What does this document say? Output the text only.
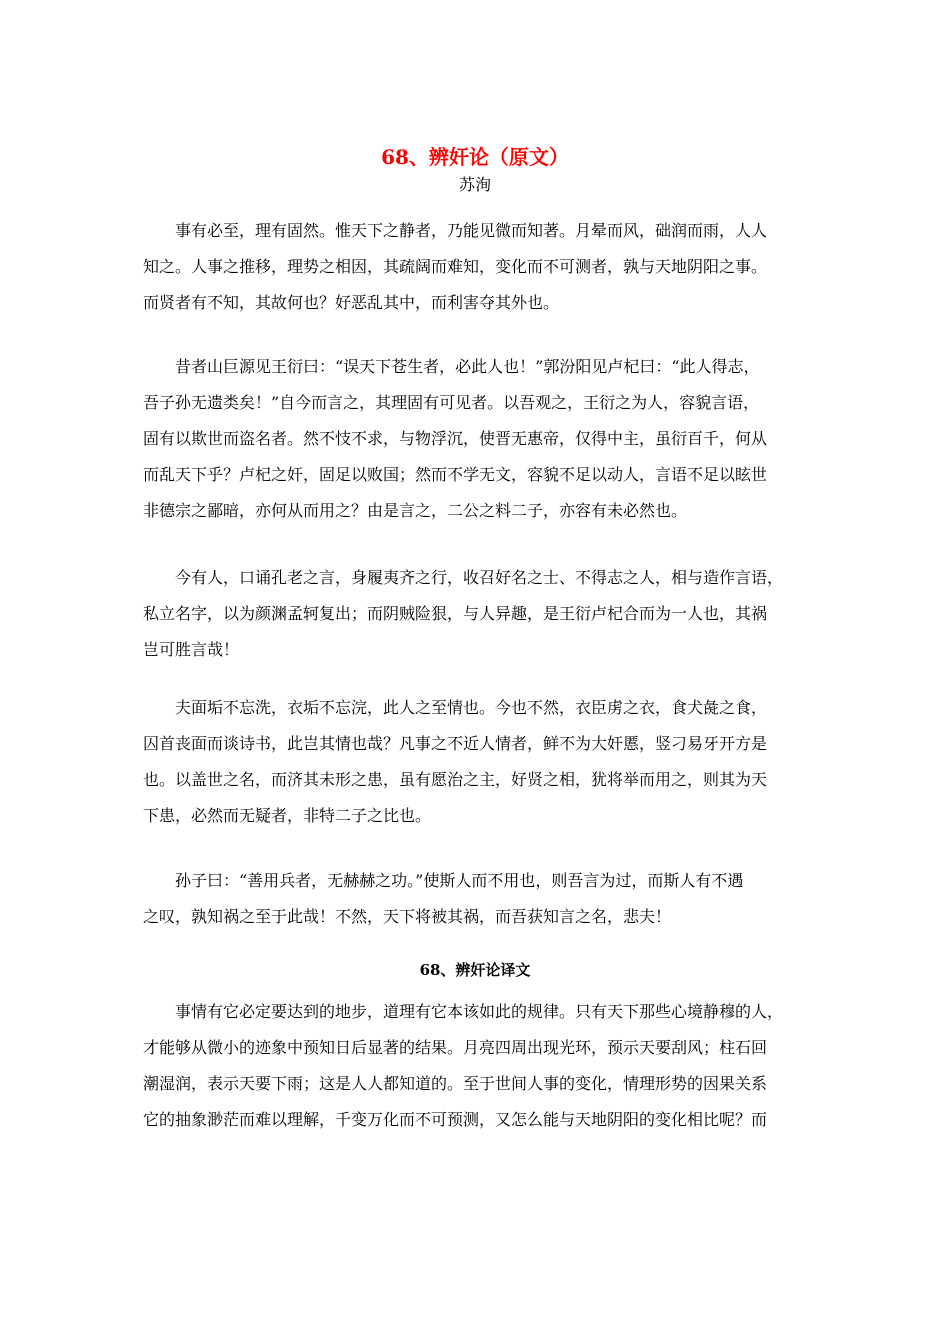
68、辨奸论（原文）
苏洵
事有必至，理有固然。惟天下之静者，乃能见微而知著。月晕而风，础润而雨，人人
知之。人事之推移，理势之相因，其疏阔而难知，变化而不可测者，孰与天地阴阳之事。
而贤者有不知，其故何也？好恶乱其中，而利害夺其外也。
昔者山巨源见王衍曰：“误天下苍生者，必此人也！”郭汾阳见卢杞曰：“此人得志，
吾子孙无遗类矣！”自今而言之，其理固有可见者。以吾观之，王衍之为人，容貌言语，
固有以欺世而盗名者。然不忮不求，与物浮沉，使晋无惠帝，仅得中主，虽衍百千，何从
而乱天下乎？卢杞之奸，固足以败国；然而不学无文，容貌不足以动人，言语不足以眩世
非德宗之鄙暗，亦何从而用之？由是言之，二公之料二子，亦容有未必然也。
今有人，口诵孔老之言，身履夷齐之行，收召好名之士、不得志之人，相与造作言语，
私立名字，以为颜渊孟轲复出；而阴贼险狠，与人异趣，是王衍卢杞合而为一人也，其祸
岂可胜言哉！
夫面垢不忘洗，衣垢不忘浣，此人之至情也。今也不然，衣臣虏之衣，食犬彘之食，
囚首丧面而谈诗书，此岂其情也哉？凡事之不近人情者，鲜不为大奸慝，竖刁易牙开方是
也。以盖世之名，而济其未形之患，虽有愿治之主，好贤之相，犹将举而用之，则其为天
下患，必然而无疑者，非特二子之比也。
孙子曰：“善用兵者，无赫赫之功。”使斯人而不用也，则吾言为过，而斯人有不遇
之叹，孰知祸之至于此哉！不然，天下将被其祸，而吾获知言之名，悲夫！
68、辨奸论译文
事情有它必定要达到的地步，道理有它本该如此的规律。只有天下那些心境静穆的人，
才能够从微小的迹象中预知日后显著的结果。月亮四周出现光环，预示天要刮风；柱石回
潮湿润，表示天要下雨；这是人人都知道的。至于世间人事的变化，情理形势的因果关系
它的抽象渺茫而难以理解，千变万化而不可预测，又怎么能与天地阴阳的变化相比呢？而
